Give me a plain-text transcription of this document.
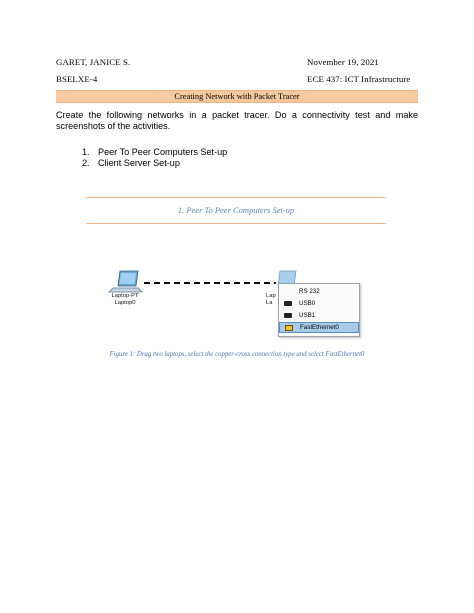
GARET, JANICE S.	November 19, 2021
BSELXE-4	ECE 437: ICT Infrastructure
Creating Network with Packet Tracer
Create the following networks in a packet tracer. Do a connectivity test and make screenshots of the activities.
1. Peer To Peer Computers Set-up
2. Client Server Set-up
1. Peer To Peer Computers Set-up
Laptop-PT
Laptop0
Lap
La
RS 232
USB0
USB1
FastEthernet0
Figure 1: Drag two laptops, select the copper-cross connection type and select FastEthernet0
